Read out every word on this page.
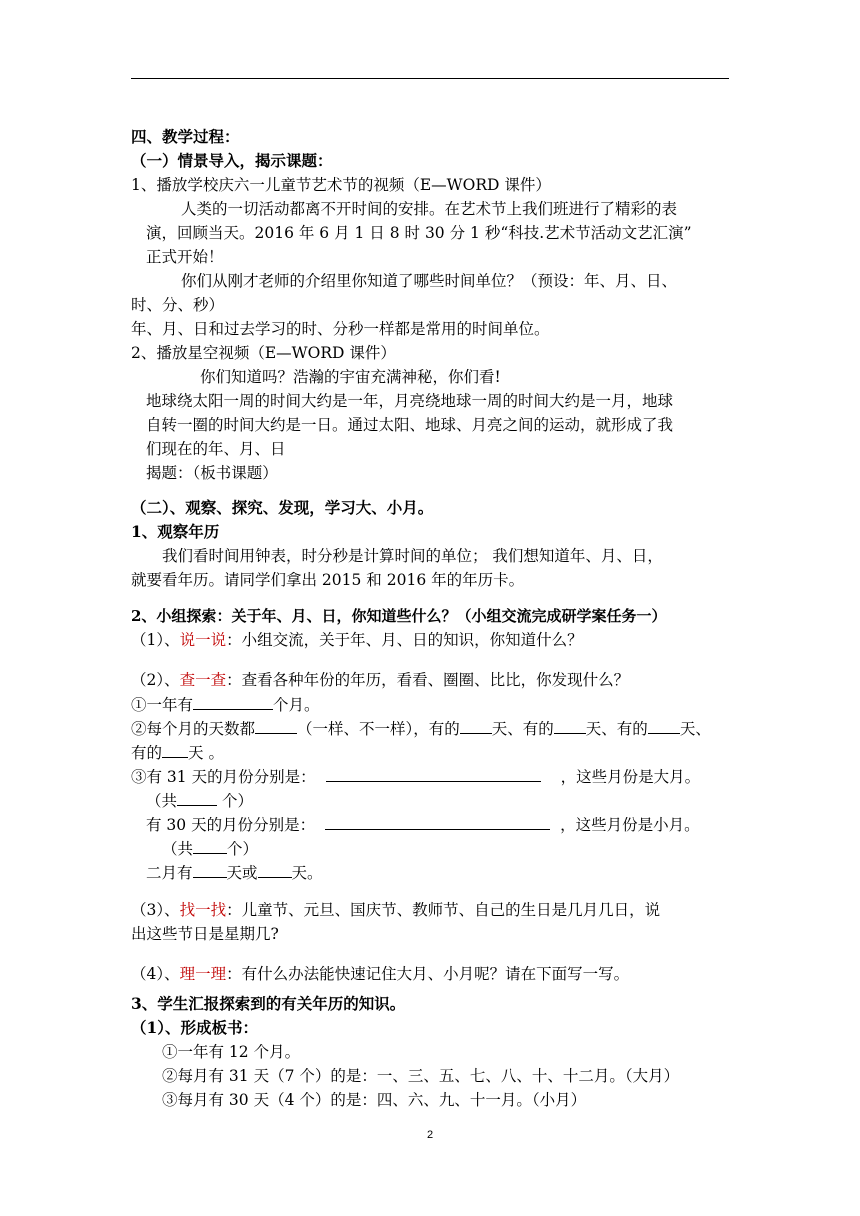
四、教学过程：
（一）情景导入，揭示课题：
1、播放学校庆六一儿童节艺术节的视频（E—WORD 课件）
人类的一切活动都离不开时间的安排。在艺术节上我们班进行了精彩的表
演，回顾当天。2016 年 6 月 1 日 8 时 30 分 1 秒“科技.艺术节活动文艺汇演”
正式开始！
你们从刚才老师的介绍里你知道了哪些时间单位？（预设：年、月、日、
时、分、秒）
年、月、日和过去学习的时、分秒一样都是常用的时间单位。
2、播放星空视频（E—WORD 课件）
你们知道吗？浩瀚的宇宙充满神秘，你们看!
地球绕太阳一周的时间大约是一年，月亮绕地球一周的时间大约是一月，地球
自转一圈的时间大约是一日。通过太阳、地球、月亮之间的运动，就形成了我
们现在的年、月、日
揭题：（板书课题）
（二）、观察、探究、发现，学习大、小月。
1、观察年历
我们看时间用钟表，时分秒是计算时间的单位； 我们想知道年、月、日，
就要看年历。请同学们拿出 2015 和 2016 年的年历卡。
2、小组探索：关于年、月、日，你知道些什么？（小组交流完成研学案任务一）
（1）、说一说：小组交流，关于年、月、日的知识，你知道什么？
（2）、查一查：查看各种年份的年历，看看、圈圈、比比，你发现什么？
①一年有	个月。
②每个月的天数都	（一样、不一样），有的 天、有的 天、有的 天、
有的 天 。
③有 31 天的月份分别是：	，这些月份是大月。
（共	个）
有 30 天的月份分别是：	，这些月份是小月。
（共 个）
二月有 天或 天。
（3）、找一找：儿童节、元旦、国庆节、教师节、自己的生日是几月几日，说
出这些节日是星期几?
（4）、理一理：有什么办法能快速记住大月、小月呢？请在下面写一写。
3、学生汇报探索到的有关年历的知识。
（1）、形成板书：
①一年有 12 个月。
②每月有 31 天（7 个）的是：一、三、五、七、八、十、十二月。（大月）
③每月有 30 天（4 个）的是：四、六、九、十一月。（小月）
2
